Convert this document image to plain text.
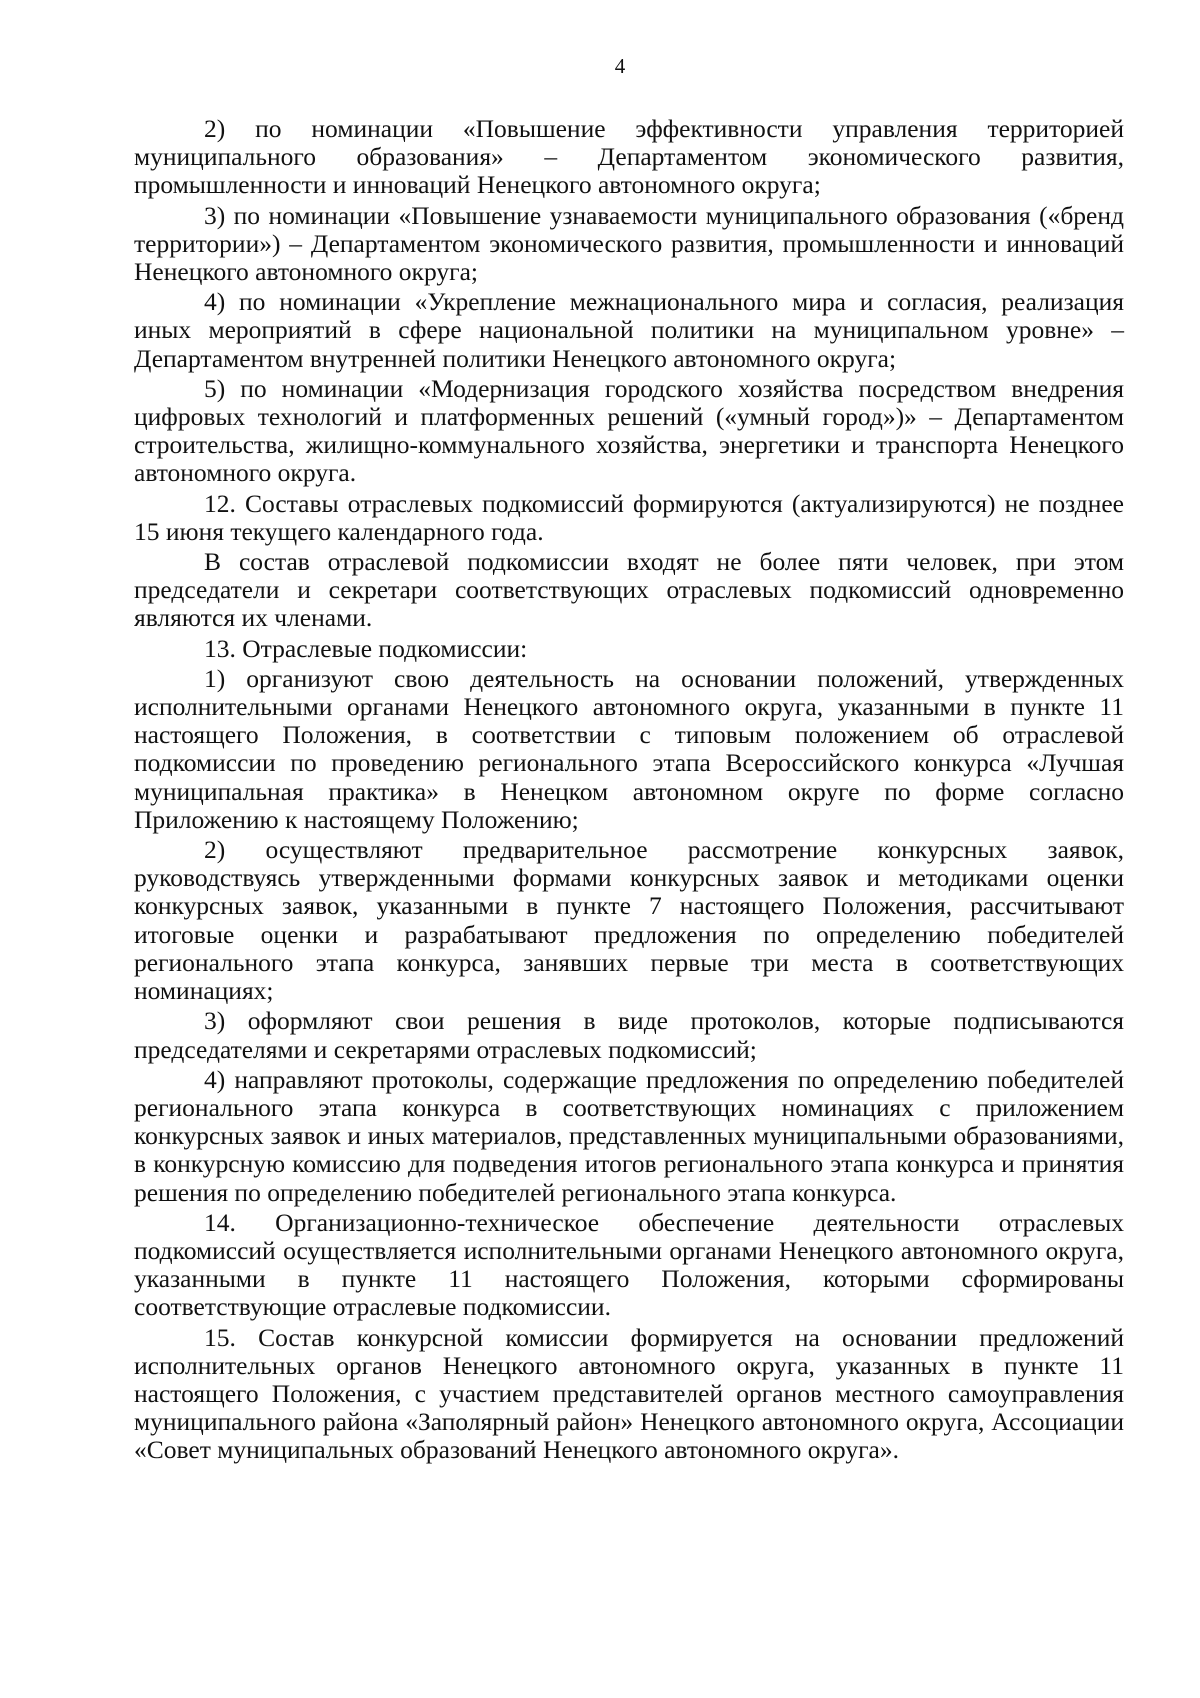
4

2) по номинации «Повышение эффективности управления территорией муниципального образования» – Департаментом экономического развития, промышленности и инноваций Ненецкого автономного округа;

3) по номинации «Повышение узнаваемости муниципального образования («бренд территории») – Департаментом экономического развития, промышленности и инноваций Ненецкого автономного округа;

4) по номинации «Укрепление межнационального мира и согласия, реализация иных мероприятий в сфере национальной политики на муниципальном уровне» – Департаментом внутренней политики Ненецкого автономного округа;

5) по номинации «Модернизация городского хозяйства посредством внедрения цифровых технологий и платформенных решений («умный город»)» – Департаментом строительства, жилищно-коммунального хозяйства, энергетики и транспорта Ненецкого автономного округа.

12. Составы отраслевых подкомиссий формируются (актуализируются) не позднее 15 июня текущего календарного года.

В состав отраслевой подкомиссии входят не более пяти человек, при этом председатели и секретари соответствующих отраслевых подкомиссий одновременно являются их членами.

13. Отраслевые подкомиссии:

1) организуют свою деятельность на основании положений, утвержденных исполнительными органами Ненецкого автономного округа, указанными в пункте 11 настоящего Положения, в соответствии с типовым положением об отраслевой подкомиссии по проведению регионального этапа Всероссийского конкурса «Лучшая муниципальная практика» в Ненецком автономном округе по форме согласно Приложению к настоящему Положению;

2) осуществляют предварительное рассмотрение конкурсных заявок, руководствуясь утвержденными формами конкурсных заявок и методиками оценки конкурсных заявок, указанными в пункте 7 настоящего Положения, рассчитывают итоговые оценки и разрабатывают предложения по определению победителей регионального этапа конкурса, занявших первые три места в соответствующих номинациях;

3) оформляют свои решения в виде протоколов, которые подписываются председателями и секретарями отраслевых подкомиссий;

4) направляют протоколы, содержащие предложения по определению победителей регионального этапа конкурса в соответствующих номинациях с приложением конкурсных заявок и иных материалов, представленных муниципальными образованиями, в конкурсную комиссию для подведения итогов регионального этапа конкурса и принятия решения по определению победителей регионального этапа конкурса.

14. Организационно-техническое обеспечение деятельности отраслевых подкомиссий осуществляется исполнительными органами Ненецкого автономного округа, указанными в пункте 11 настоящего Положения, которыми сформированы соответствующие отраслевые подкомиссии.

15. Состав конкурсной комиссии формируется на основании предложений исполнительных органов Ненецкого автономного округа, указанных в пункте 11 настоящего Положения, с участием представителей органов местного самоуправления муниципального района «Заполярный район» Ненецкого автономного округа, Ассоциации «Совет муниципальных образований Ненецкого автономного округа».
